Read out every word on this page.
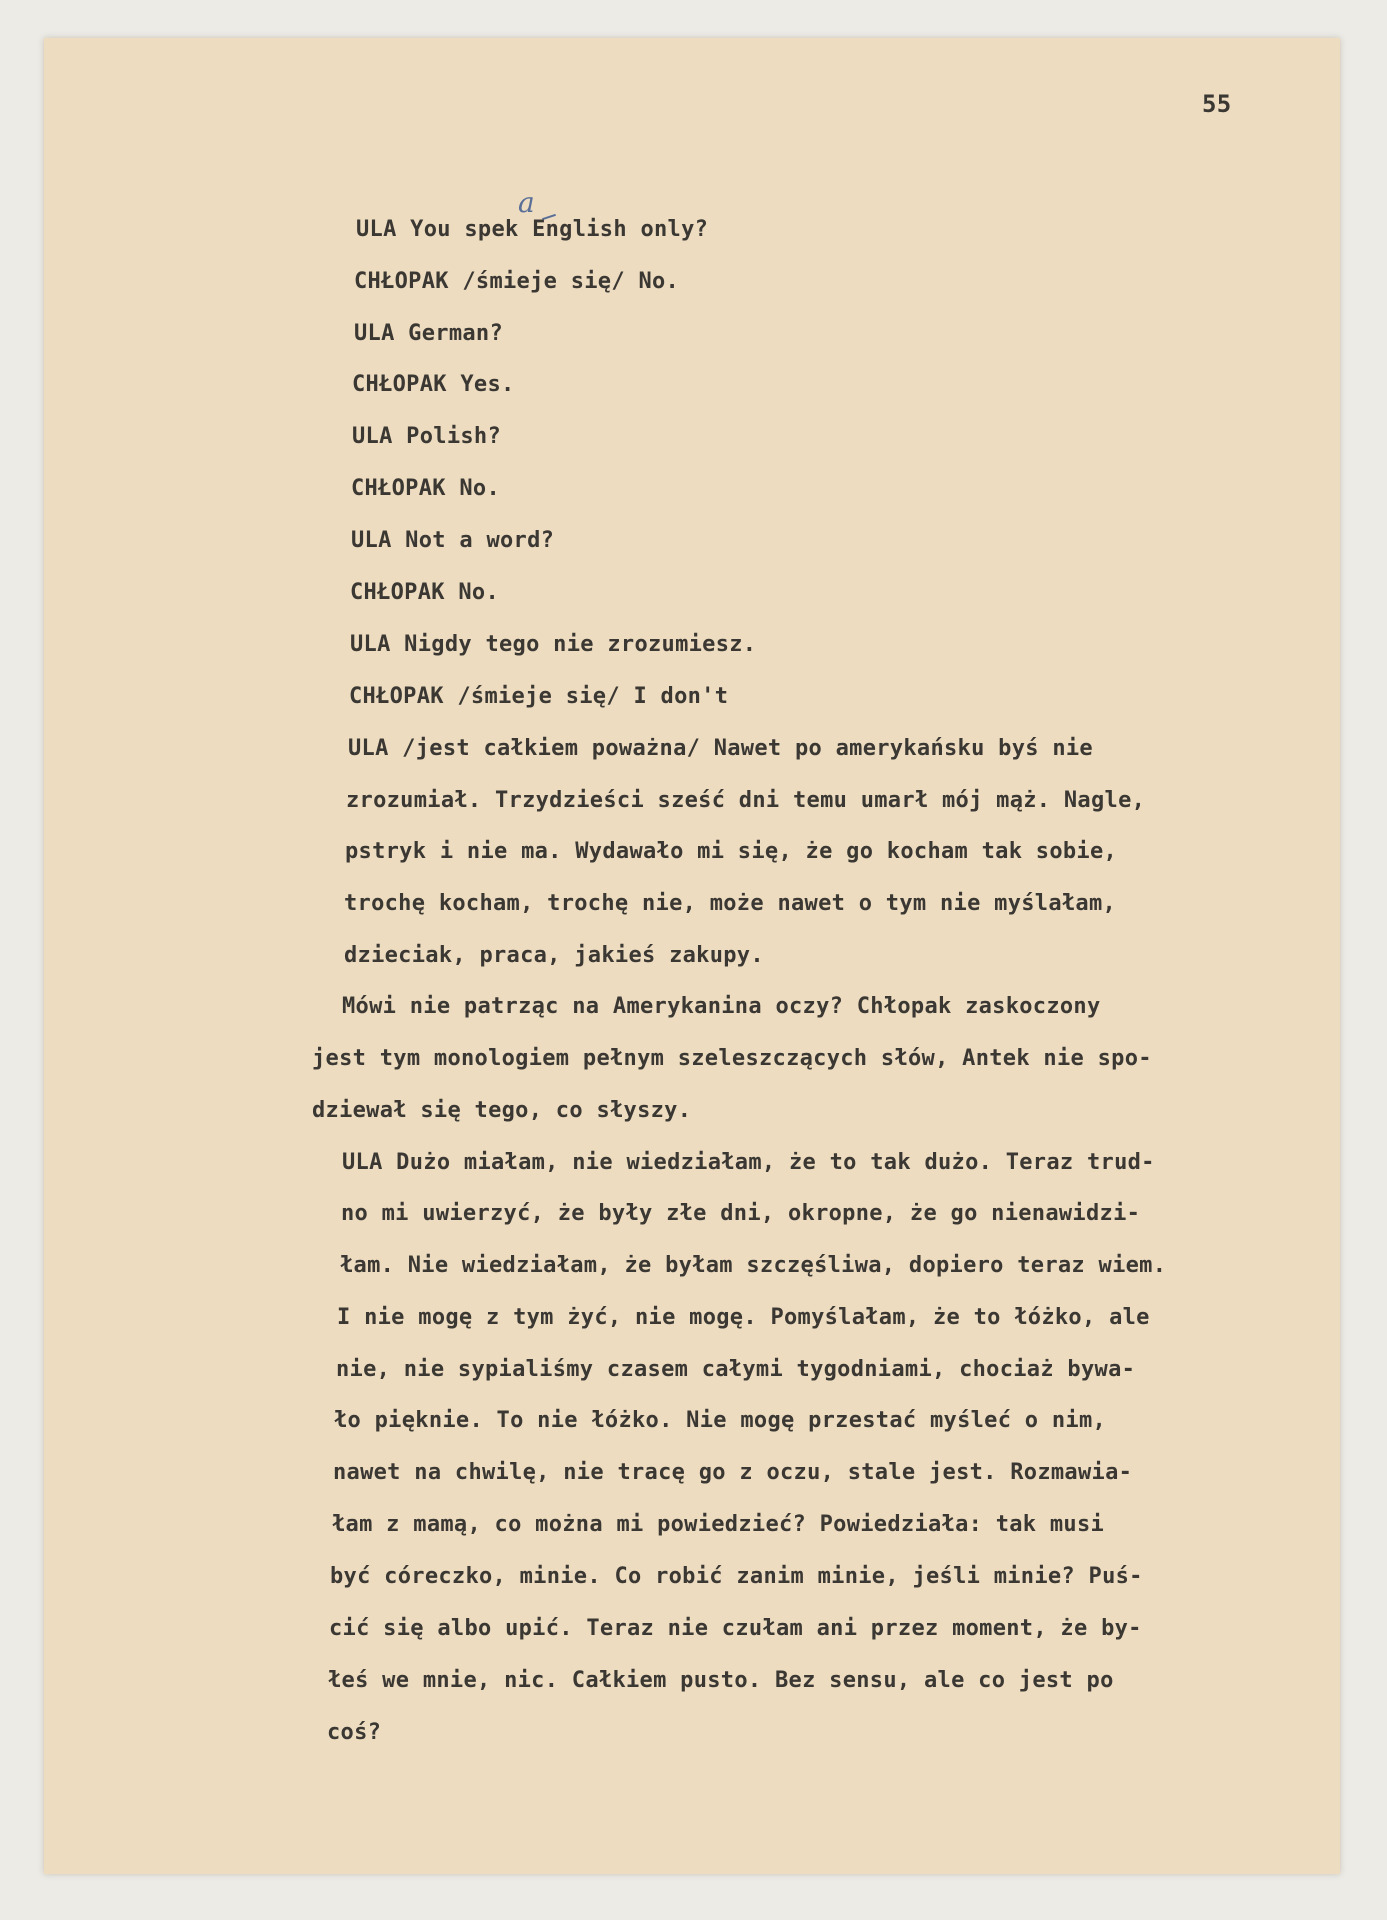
55
a
ULA You spek English only?
CHŁOPAK /śmieje się/ No.
ULA German?
CHŁOPAK Yes.
ULA Polish?
CHŁOPAK No.
ULA Not a word?
CHŁOPAK No.
ULA Nigdy tego nie zrozumiesz.
CHŁOPAK /śmieje się/ I don't
ULA /jest całkiem poważna/ Nawet po amerykańsku byś nie
zrozumiał. Trzydzieści sześć dni temu umarł mój mąż. Nagle,
pstryk i nie ma. Wydawało mi się, że go kocham tak sobie,
trochę kocham, trochę nie, może nawet o tym nie myślałam,
dzieciak, praca, jakieś zakupy.
Mówi nie patrząc na Amerykanina oczy? Chłopak zaskoczony
jest tym monologiem pełnym szeleszczących słów, Antek nie spo-
dziewał się tego, co słyszy.
ULA Dużo miałam, nie wiedziałam, że to tak dużo. Teraz trud-
no mi uwierzyć, że były złe dni, okropne, że go nienawidzi-
łam. Nie wiedziałam, że byłam szczęśliwa, dopiero teraz wiem.
I nie mogę z tym żyć, nie mogę. Pomyślałam, że to łóżko, ale
nie, nie sypialiśmy czasem całymi tygodniami, chociaż bywa-
ło pięknie. To nie łóżko. Nie mogę przestać myśleć o nim,
nawet na chwilę, nie tracę go z oczu, stale jest. Rozmawia-
łam z mamą, co można mi powiedzieć? Powiedziała: tak musi
być córeczko, minie. Co robić zanim minie, jeśli minie? Puś-
cić się albo upić. Teraz nie czułam ani przez moment, że by-
łeś we mnie, nic. Całkiem pusto. Bez sensu, ale co jest po
coś?
